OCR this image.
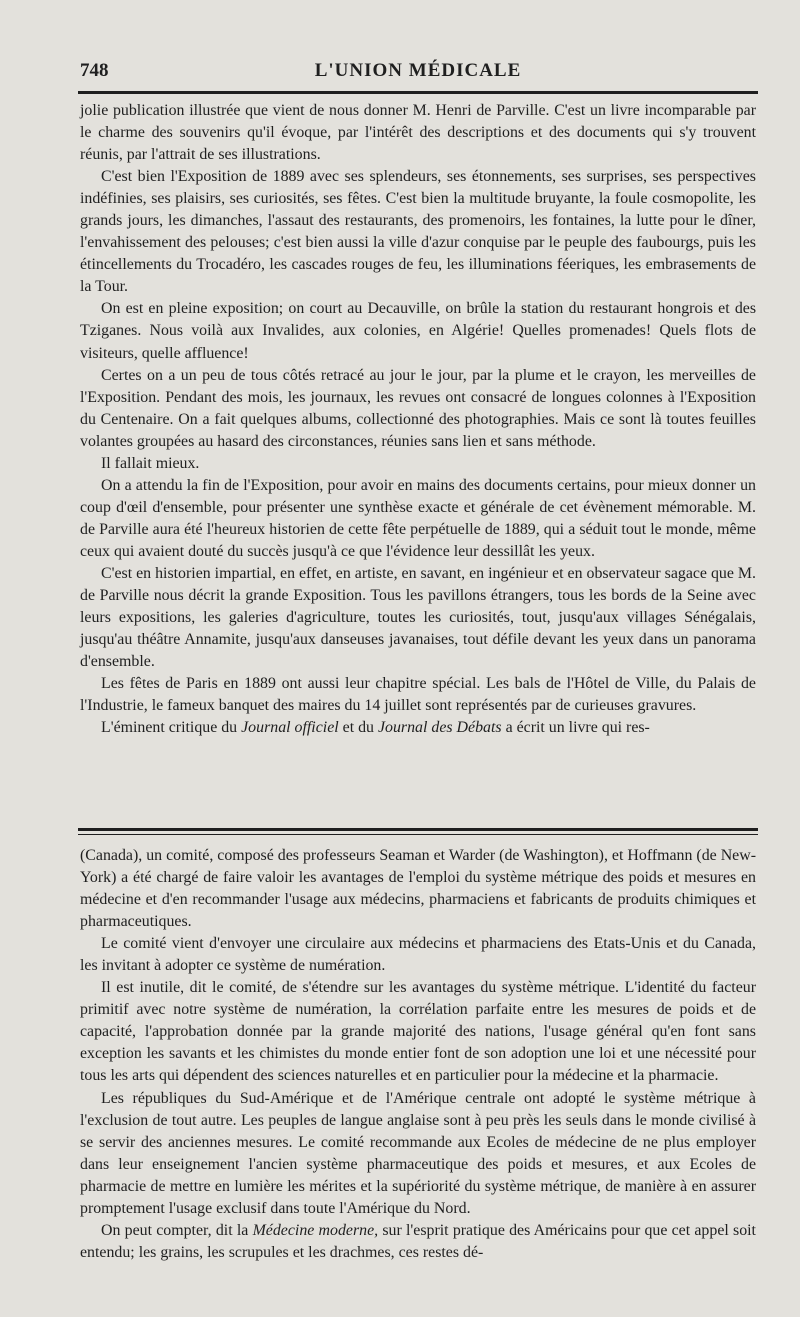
748	L'UNION MÉDICALE

jolie publication illustrée que vient de nous donner M. Henri de Parville. C'est un livre incomparable par le charme des souvenirs qu'il évoque, par l'intérêt des descriptions et des documents qui s'y trouvent réunis, par l'attrait de ses illustrations.

C'est bien l'Exposition de 1889 avec ses splendeurs, ses étonnements, ses surprises, ses perspectives indéfinies, ses plaisirs, ses curiosités, ses fêtes. C'est bien la multitude bruyante, la foule cosmopolite, les grands jours, les dimanches, l'assaut des restaurants, des promenoirs, les fontaines, la lutte pour le dîner, l'envahissement des pelouses; c'est bien aussi la ville d'azur conquise par le peuple des faubourgs, puis les étincellements du Trocadéro, les cascades rouges de feu, les illuminations féeriques, les embrasements de la Tour.

On est en pleine exposition; on court au Decauville, on brûle la station du restaurant hongrois et des Tziganes. Nous voilà aux Invalides, aux colonies, en Algérie! Quelles promenades! Quels flots de visiteurs, quelle affluence!

Certes on a un peu de tous côtés retracé au jour le jour, par la plume et le crayon, les merveilles de l'Exposition. Pendant des mois, les journaux, les revues ont consacré de longues colonnes à l'Exposition du Centenaire. On a fait quelques albums, collectionné des photographies. Mais ce sont là toutes feuilles volantes groupées au hasard des circonstances, réunies sans lien et sans méthode.

Il fallait mieux.

On a attendu la fin de l'Exposition, pour avoir en mains des documents certains, pour mieux donner un coup d'œil d'ensemble, pour présenter une synthèse exacte et générale de cet évènement mémorable. M. de Parville aura été l'heureux historien de cette fête perpétuelle de 1889, qui a séduit tout le monde, même ceux qui avaient douté du succès jusqu'à ce que l'évidence leur dessillât les yeux.

C'est en historien impartial, en effet, en artiste, en savant, en ingénieur et en observateur sagace que M. de Parville nous décrit la grande Exposition. Tous les pavillons étrangers, tous les bords de la Seine avec leurs expositions, les galeries d'agriculture, toutes les curiosités, tout, jusqu'aux villages Sénégalais, jusqu'au théâtre Annamite, jusqu'aux danseuses javanaises, tout défile devant les yeux dans un panorama d'ensemble.

Les fêtes de Paris en 1889 ont aussi leur chapitre spécial. Les bals de l'Hôtel de Ville, du Palais de l'Industrie, le fameux banquet des maires du 14 juillet sont représentés par de curieuses gravures.

L'éminent critique du Journal officiel et du Journal des Débats a écrit un livre qui res-

(Canada), un comité, composé des professeurs Seaman et Warder (de Washington), et Hoffmann (de New-York) a été chargé de faire valoir les avantages de l'emploi du système métrique des poids et mesures en médecine et d'en recommander l'usage aux médecins, pharmaciens et fabricants de produits chimiques et pharmaceutiques.

Le comité vient d'envoyer une circulaire aux médecins et pharmaciens des Etats-Unis et du Canada, les invitant à adopter ce système de numération.

Il est inutile, dit le comité, de s'étendre sur les avantages du système métrique. L'identité du facteur primitif avec notre système de numération, la corrélation parfaite entre les mesures de poids et de capacité, l'approbation donnée par la grande majorité des nations, l'usage général qu'en font sans exception les savants et les chimistes du monde entier font de son adoption une loi et une nécessité pour tous les arts qui dépendent des sciences naturelles et en particulier pour la médecine et la pharmacie.

Les républiques du Sud-Amérique et de l'Amérique centrale ont adopté le système métrique à l'exclusion de tout autre. Les peuples de langue anglaise sont à peu près les seuls dans le monde civilisé à se servir des anciennes mesures. Le comité recommande aux Ecoles de médecine de ne plus employer dans leur enseignement l'ancien système pharmaceutique des poids et mesures, et aux Ecoles de pharmacie de mettre en lumière les mérites et la supériorité du système métrique, de manière à en assurer promptement l'usage exclusif dans toute l'Amérique du Nord.

On peut compter, dit la Médecine moderne, sur l'esprit pratique des Américains pour que cet appel soit entendu; les grains, les scrupules et les drachmes, ces restes dé-
